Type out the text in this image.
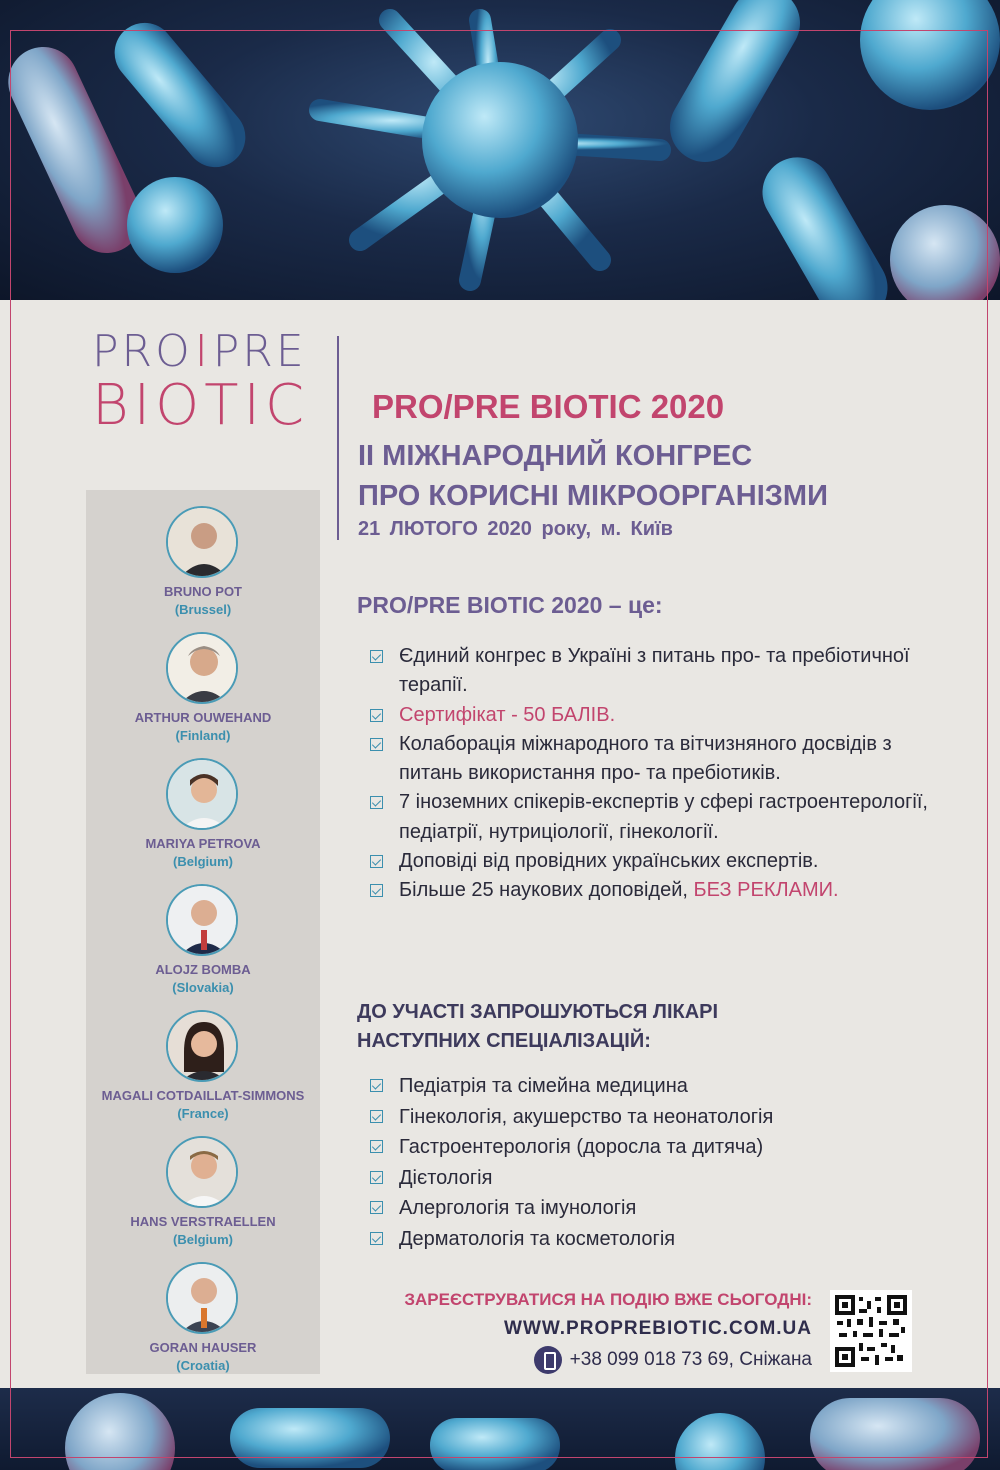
PROIPRE
BIOTIC PRO/PRE BIOTIC 2020
ІІ МІЖНАРОДНИЙ КОНГРЕС
ПРО КОРИСНІ МІКРООРГАНІЗМИ
21 ЛЮТОГО 2020 року, м. Київ
BRUNO POT
(Brussel)
ARTHUR OUWEHAND
(Finland)
MARIYA PETROVA
(Belgium)
ALOJZ BOMBA
(Slovakia)
MAGALI COTDAILLAT-SIMMONS
(France)
HANS VERSTRAELLEN
(Belgium)
GORAN HAUSER
(Croatia)
PRO/PRE BIOTIC 2020 – це:
Єдиний конгрес в Україні з питань про- та пребіотичної терапії.
Сертифікат - 50 БАЛІВ.
Колаборація міжнародного та вітчизняного досвідів з питань використання про- та пребіотиків.
7 іноземних спікерів-експертів у сфері гастроентерології, педіатрії, нутриціології, гінекології.
Доповіді від провідних українських експертів.
Більше 25 наукових доповідей, БЕЗ РЕКЛАМИ.
ДО УЧАСТІ ЗАПРОШУЮТЬСЯ ЛІКАРІ
НАСТУПНИХ СПЕЦІАЛІЗАЦІЙ:
Педіатрія та сімейна медицина
Гінекологія, акушерство та неонатологія
Гастроентерологія (доросла та дитяча)
Дієтологія
Алергологія та імунологія
Дерматологія та косметологія
ЗАРЕЄСТРУВАТИСЯ НА ПОДІЮ ВЖЕ СЬОГОДНІ:
WWW.PROPREBIOTIC.COM.UA
+38 099 018 73 69, Сніжана
